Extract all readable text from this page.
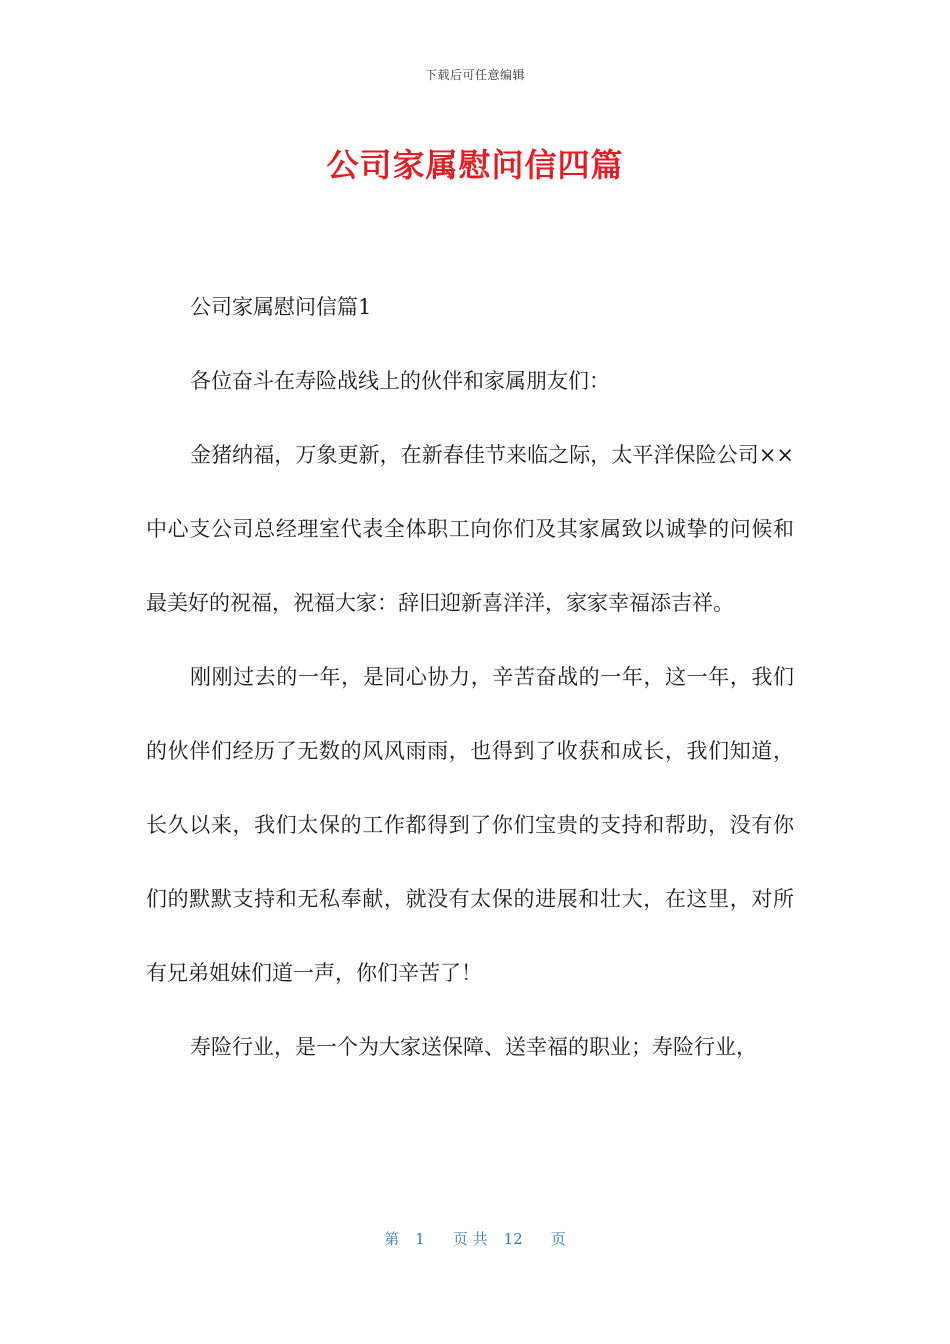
下载后可任意编辑
公司家属慰问信四篇

公司家属慰问信篇1

各位奋斗在寿险战线上的伙伴和家属朋友们：

金猪纳福，万象更新，在新春佳节来临之际，太平洋保险公司××中心支公司总经理室代表全体职工向你们及其家属致以诚挚的问候和最美好的祝福，祝福大家：辞旧迎新喜洋洋，家家幸福添吉祥。

刚刚过去的一年，是同心协力，辛苦奋战的一年，这一年，我们的伙伴们经历了无数的风风雨雨，也得到了收获和成长，我们知道，长久以来，我们太保的工作都得到了你们宝贵的支持和帮助，没有你们的默默支持和无私奉献，就没有太保的进展和壮大，在这里，对所有兄弟姐妹们道一声，你们辛苦了！

寿险行业，是一个为大家送保障、送幸福的职业；寿险行业，

第 1 页 共 12 页
